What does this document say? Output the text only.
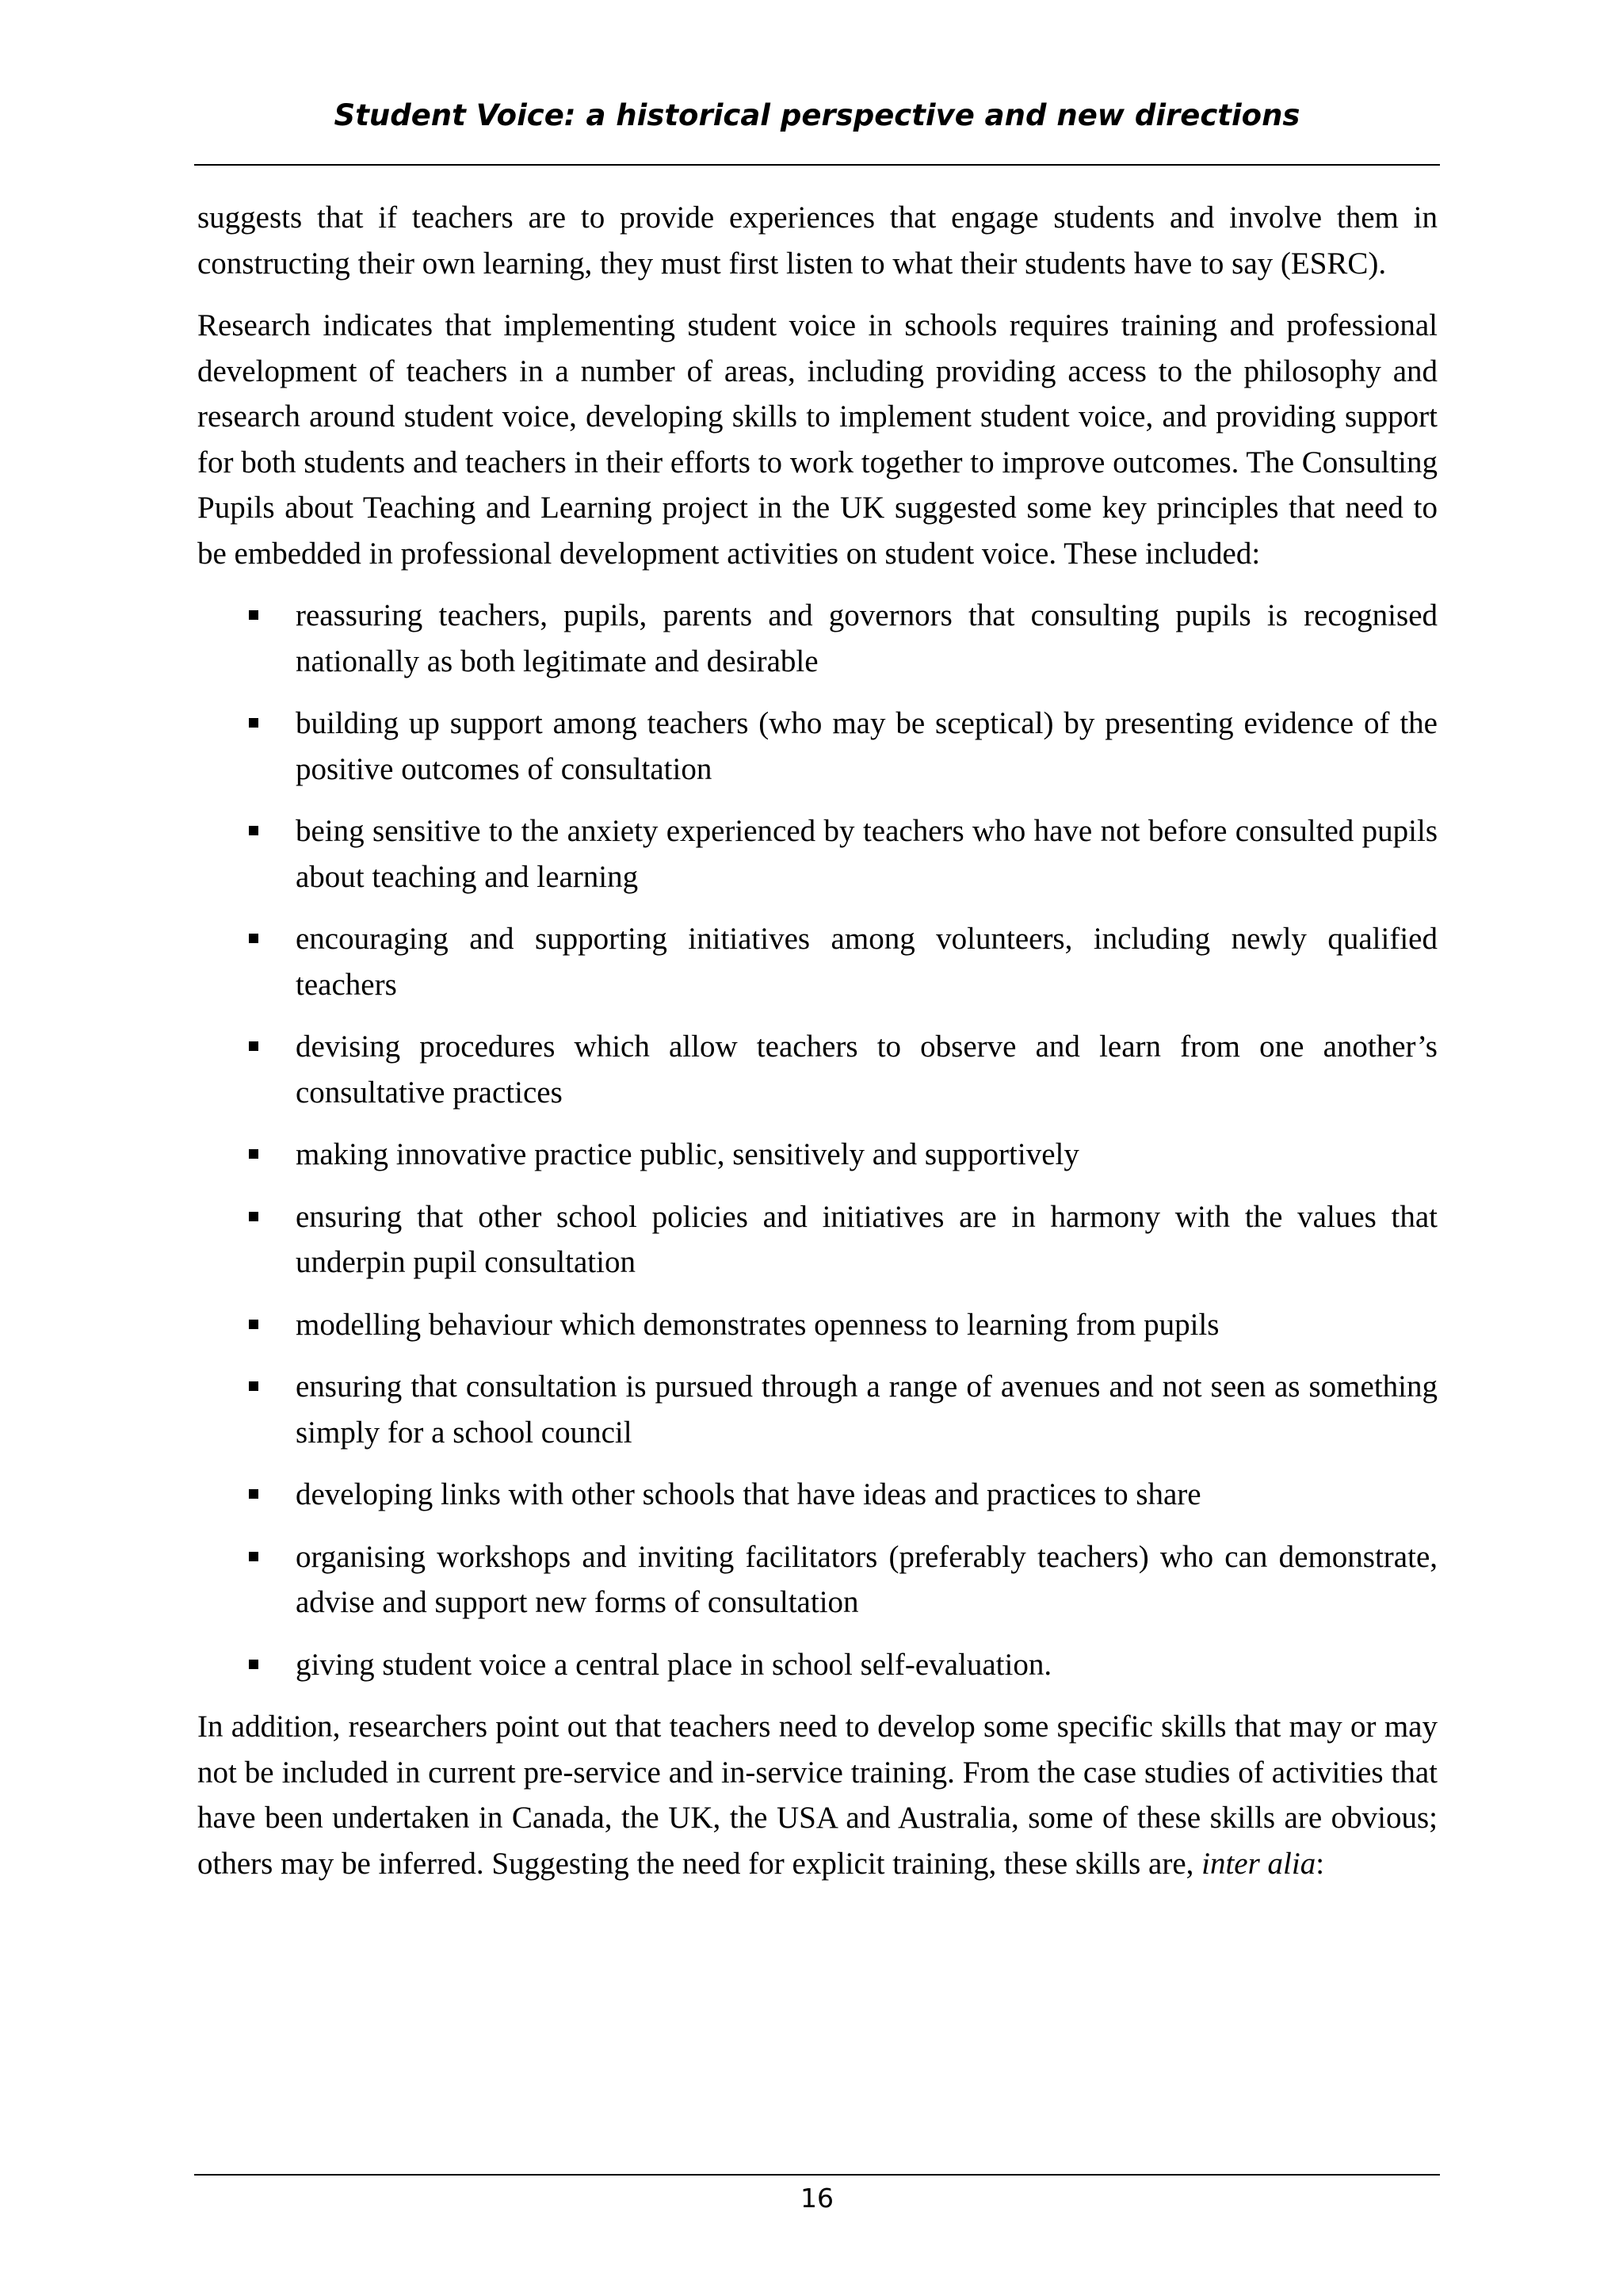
Student Voice: a historical perspective and new directions

suggests that if teachers are to provide experiences that engage students and involve them in constructing their own learning, they must first listen to what their students have to say (ESRC).

Research indicates that implementing student voice in schools requires training and professional development of teachers in a number of areas, including providing access to the philosophy and research around student voice, developing skills to implement student voice, and providing support for both students and teachers in their efforts to work together to improve outcomes. The Consulting Pupils about Teaching and Learning project in the UK suggested some key principles that need to be embedded in professional development activities on student voice. These included:

reassuring teachers, pupils, parents and governors that consulting pupils is recognised nationally as both legitimate and desirable
building up support among teachers (who may be sceptical) by presenting evidence of the positive outcomes of consultation
being sensitive to the anxiety experienced by teachers who have not before consulted pupils about teaching and learning
encouraging and supporting initiatives among volunteers, including newly qualified teachers
devising procedures which allow teachers to observe and learn from one another’s consultative practices
making innovative practice public, sensitively and supportively
ensuring that other school policies and initiatives are in harmony with the values that underpin pupil consultation
modelling behaviour which demonstrates openness to learning from pupils
ensuring that consultation is pursued through a range of avenues and not seen as something simply for a school council
developing links with other schools that have ideas and practices to share
organising workshops and inviting facilitators (preferably teachers) who can demonstrate, advise and support new forms of consultation
giving student voice a central place in school self-evaluation.

In addition, researchers point out that teachers need to develop some specific skills that may or may not be included in current pre-service and in-service training. From the case studies of activities that have been undertaken in Canada, the UK, the USA and Australia, some of these skills are obvious; others may be inferred. Suggesting the need for explicit training, these skills are, inter alia:

16
